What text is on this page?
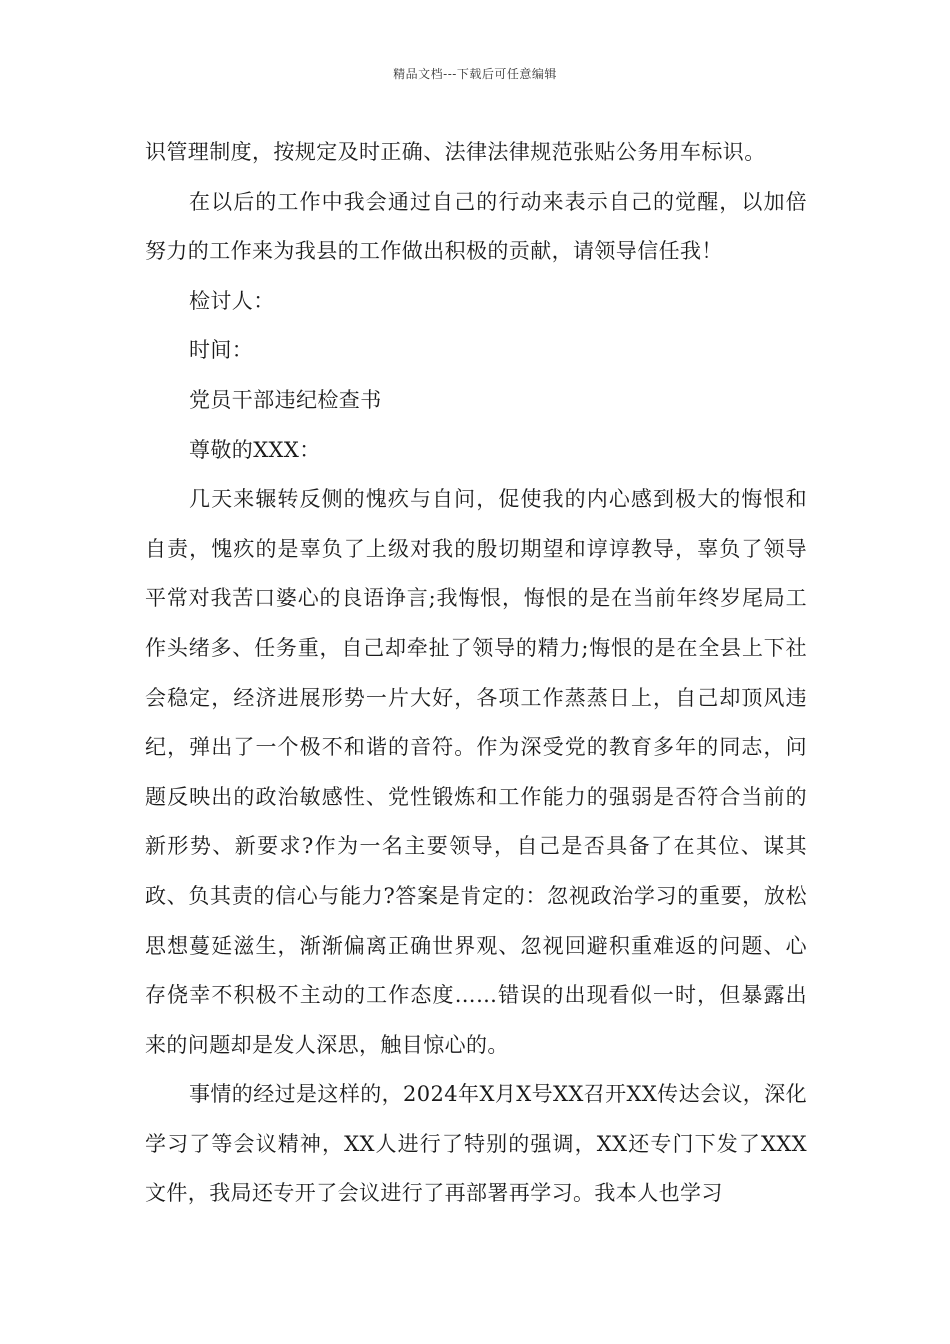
精品文档---下载后可任意编辑

识管理制度，按规定及时正确、法律法律规范张贴公务用车标识。

在以后的工作中我会通过自己的行动来表示自己的觉醒，以加倍努力的工作来为我县的工作做出积极的贡献，请领导信任我！

检讨人：

时间：

党员干部违纪检查书

尊敬的XXX：

几天来辗转反侧的愧疚与自问，促使我的内心感到极大的悔恨和自责，愧疚的是辜负了上级对我的殷切期望和谆谆教导，辜负了领导平常对我苦口婆心的良语诤言;我悔恨，悔恨的是在当前年终岁尾局工作头绪多、任务重，自己却牵扯了领导的精力;悔恨的是在全县上下社会稳定，经济进展形势一片大好，各项工作蒸蒸日上，自己却顶风违纪，弹出了一个极不和谐的音符。作为深受党的教育多年的同志，问题反映出的政治敏感性、党性锻炼和工作能力的强弱是否符合当前的新形势、新要求?作为一名主要领导，自己是否具备了在其位、谋其政、负其责的信心与能力?答案是肯定的：忽视政治学习的重要，放松思想蔓延滋生，渐渐偏离正确世界观、忽视回避积重难返的问题、心存侥幸不积极不主动的工作态度……错误的出现看似一时，但暴露出来的问题却是发人深思，触目惊心的。

事情的经过是这样的，2024年X月X号XX召开XX传达会议，深化学习了等会议精神，XX人进行了特别的强调，XX还专门下发了XXX文件，我局还专开了会议进行了再部署再学习。我本人也学习
